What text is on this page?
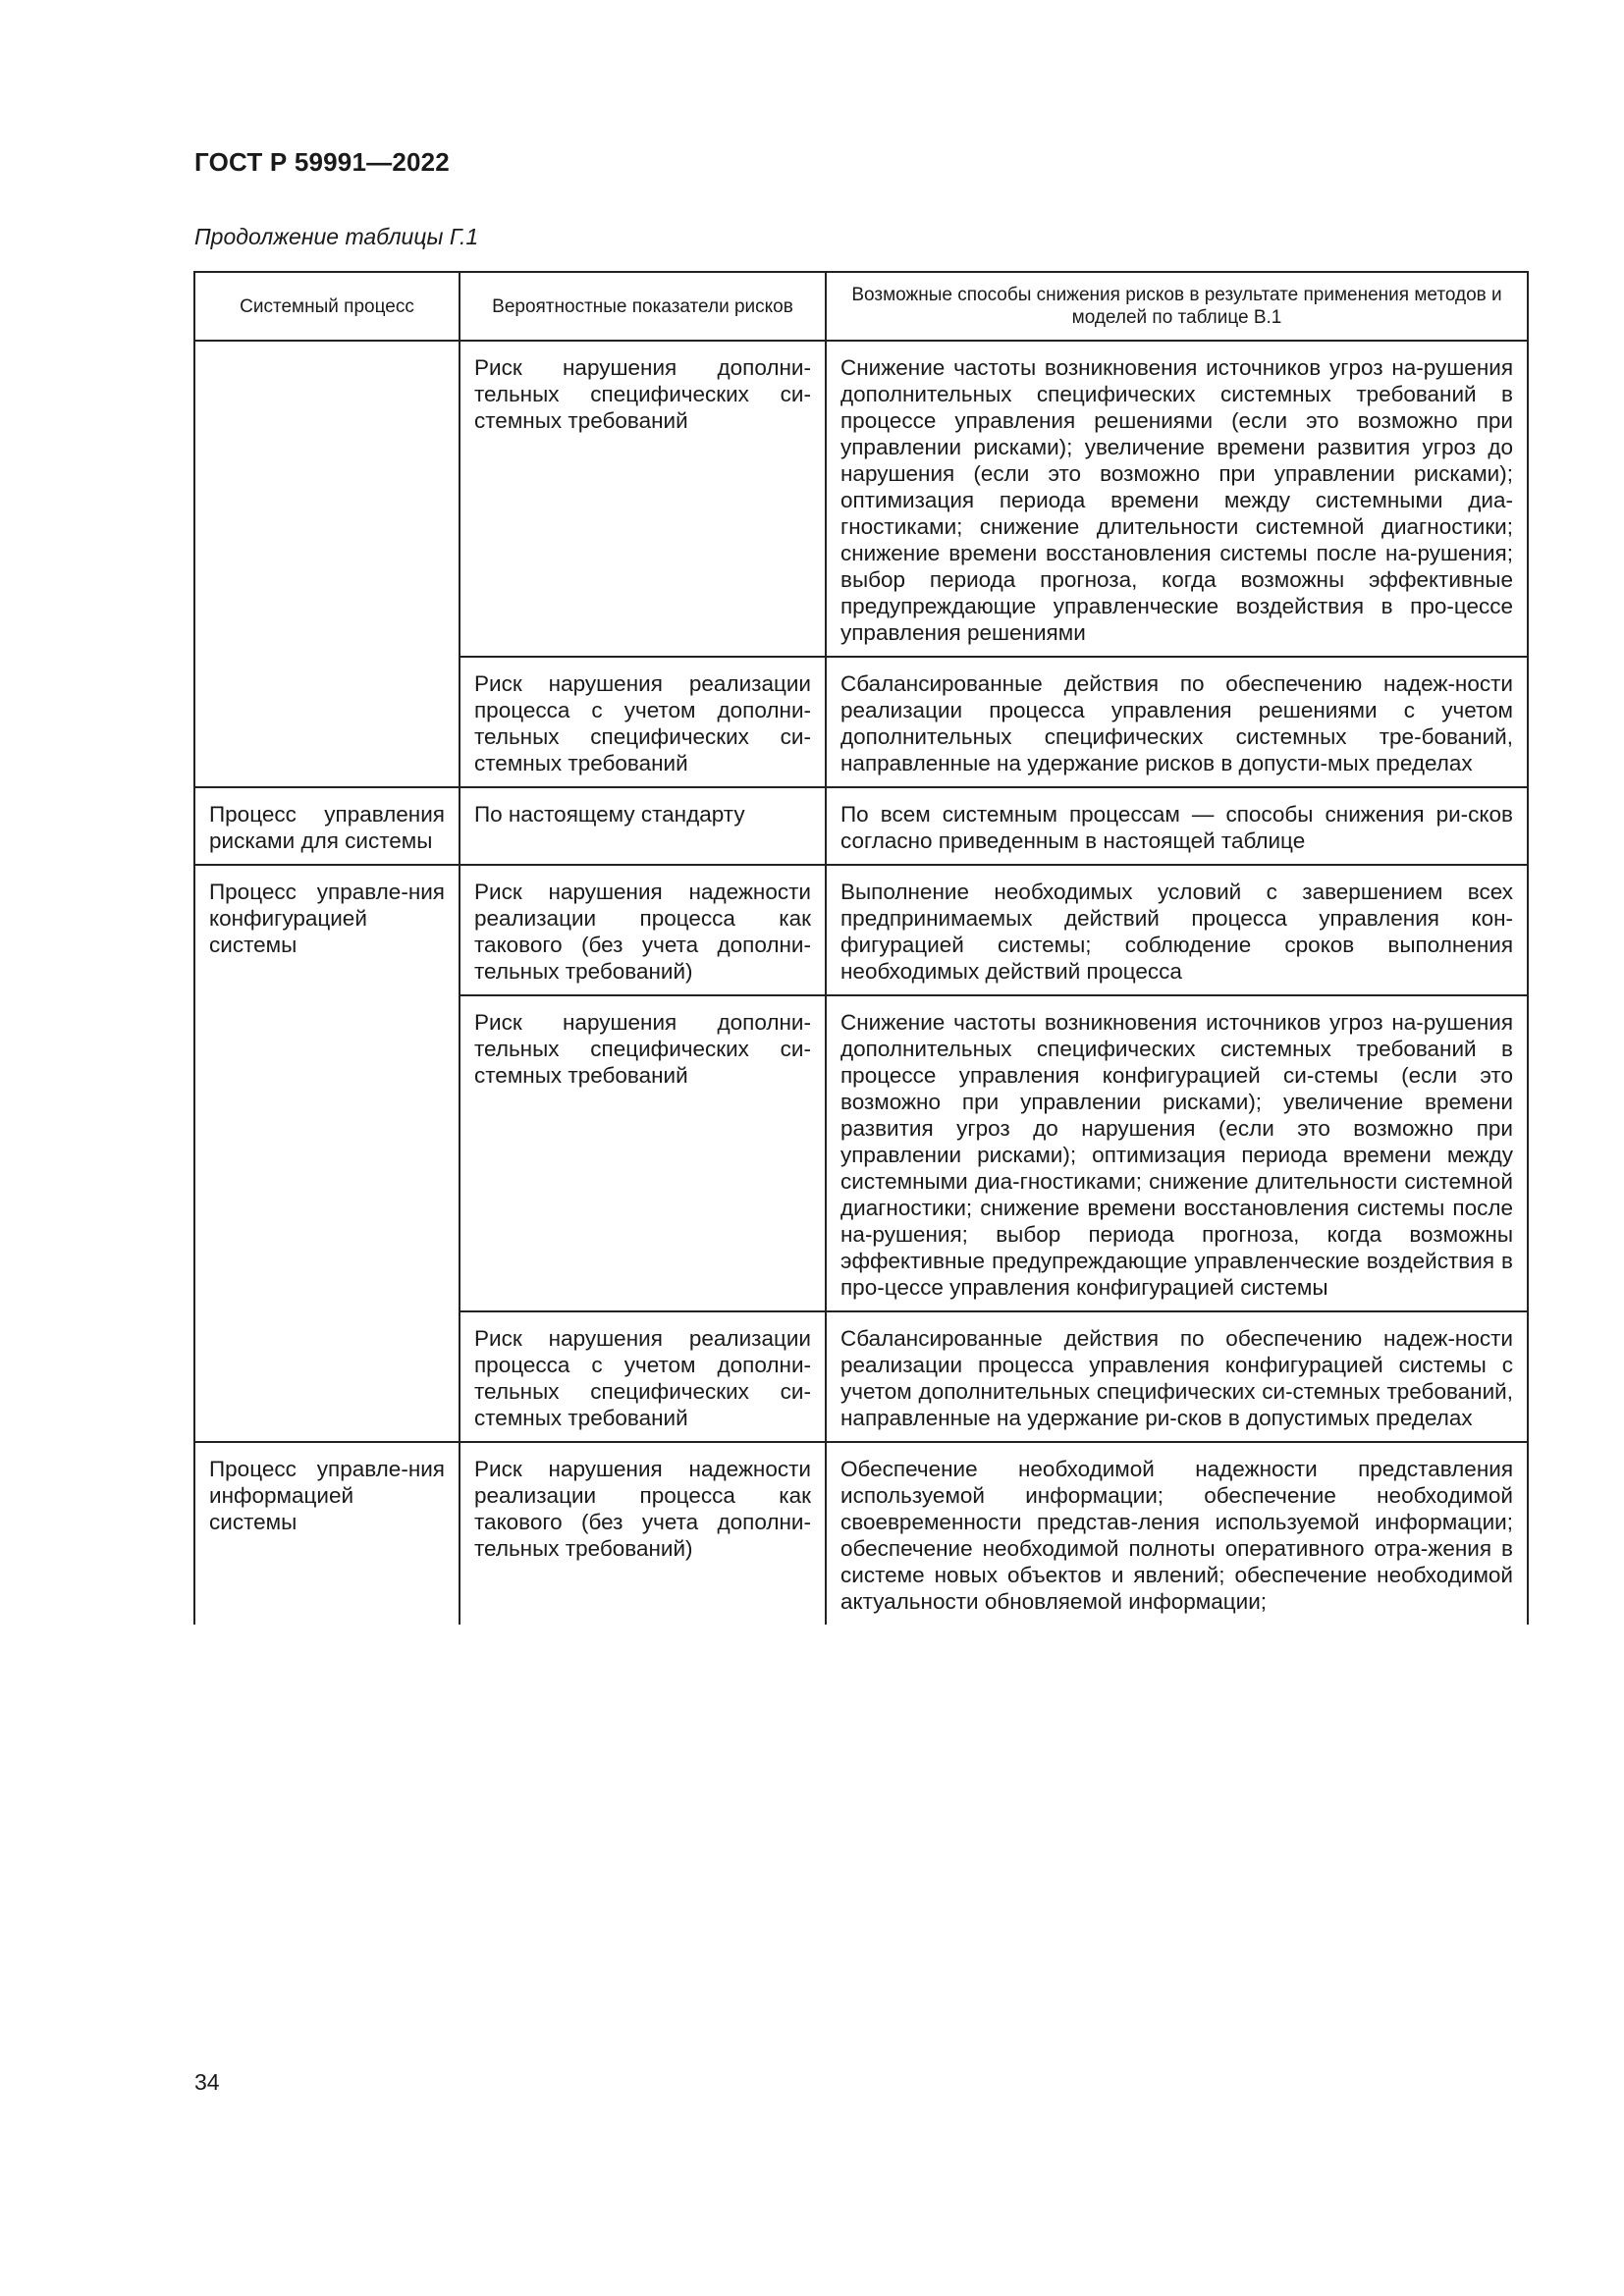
ГОСТ Р 59991—2022

Продолжение таблицы Г.1

Системный процесс	Вероятностные показатели рисков	Возможные способы снижения рисков в результате применения методов и моделей по таблице В.1
	Риск нарушения дополни-тельных специфических си-стемных требований	Снижение частоты возникновения источников угроз на-рушения дополнительных специфических системных требований в процессе управления решениями (если это возможно при управлении рисками); увеличение времени развития угроз до нарушения (если это возможно при управлении рисками); оптимизация периода времени между системными диа-гностиками; снижение длительности системной диагностики; снижение времени восстановления системы после на-рушения; выбор периода прогноза, когда возможны эффективные предупреждающие управленческие воздействия в про-цессе управления решениями
	Риск нарушения реализации процесса с учетом дополни-тельных специфических си-стемных требований	Сбалансированные действия по обеспечению надеж-ности реализации процесса управления решениями с учетом дополнительных специфических системных тре-бований, направленные на удержание рисков в допусти-мых пределах
Процесс управления рисками для системы	По настоящему стандарту	По всем системным процессам — способы снижения ри-сков согласно приведенным в настоящей таблице
Процесс управле-ния конфигурацией системы	Риск нарушения надежности реализации процесса как такового (без учета дополни-тельных требований)	Выполнение необходимых условий с завершением всех предпринимаемых действий процесса управления кон-фигурацией системы; соблюдение сроков выполнения необходимых действий процесса
	Риск нарушения дополни-тельных специфических си-стемных требований	Снижение частоты возникновения источников угроз на-рушения дополнительных специфических системных требований в процессе управления конфигурацией си-стемы (если это возможно при управлении рисками); увеличение времени развития угроз до нарушения (если это возможно при управлении рисками); оптимизация периода времени между системными диа-гностиками; снижение длительности системной диагностики; снижение времени восстановления системы после на-рушения; выбор периода прогноза, когда возможны эффективные предупреждающие управленческие воздействия в про-цессе управления конфигурацией системы
	Риск нарушения реализации процесса с учетом дополни-тельных специфических си-стемных требований	Сбалансированные действия по обеспечению надеж-ности реализации процесса управления конфигурацией системы с учетом дополнительных специфических си-стемных требований, направленные на удержание ри-сков в допустимых пределах
Процесс управле-ния информацией системы	Риск нарушения надежности реализации процесса как такового (без учета дополни-тельных требований)	Обеспечение необходимой надежности представления используемой информации; обеспечение необходимой своевременности представ-ления используемой информации; обеспечение необходимой полноты оперативного отра-жения в системе новых объектов и явлений; обеспечение необходимой актуальности обновляемой информации;

34
